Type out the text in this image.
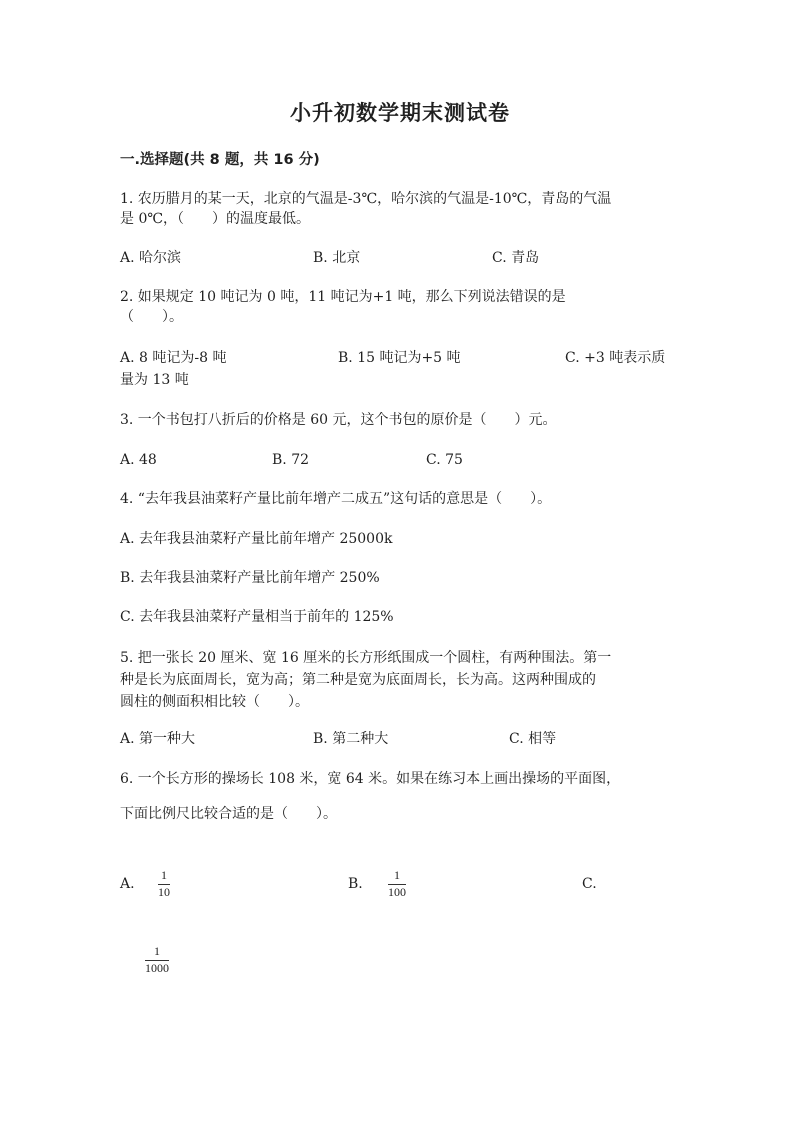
小升初数学期末测试卷
一.选择题(共 8 题，共 16 分)
1. 农历腊月的某一天，北京的气温是-3℃，哈尔滨的气温是-10℃，青岛的气温
是 0℃，（　　）的温度最低。
A. 哈尔滨	B. 北京	C. 青岛
2. 如果规定 10 吨记为 0 吨，11 吨记为+1 吨，那么下列说法错误的是
（　　）。
A. 8 吨记为-8 吨	B. 15 吨记为+5 吨	C. +3 吨表示质
量为 13 吨
3. 一个书包打八折后的价格是 60 元，这个书包的原价是（　　）元。
A. 48	B. 72	C. 75
4. “去年我县油菜籽产量比前年增产二成五”这句话的意思是（　　）。
A. 去年我县油菜籽产量比前年增产 25000k
B. 去年我县油菜籽产量比前年增产 250%
C. 去年我县油菜籽产量相当于前年的 125%
5. 把一张长 20 厘米、宽 16 厘米的长方形纸围成一个圆柱，有两种围法。第一
种是长为底面周长，宽为高；第二种是宽为底面周长，长为高。这两种围成的
圆柱的侧面积相比较（　　）。
A. 第一种大	B. 第二种大	C. 相等
6. 一个长方形的操场长 108 米，宽 64 米。如果在练习本上画出操场的平面图，
下面比例尺比较合适的是（　　）。
A.
1
10	B.
1
100	C.
1
1000
